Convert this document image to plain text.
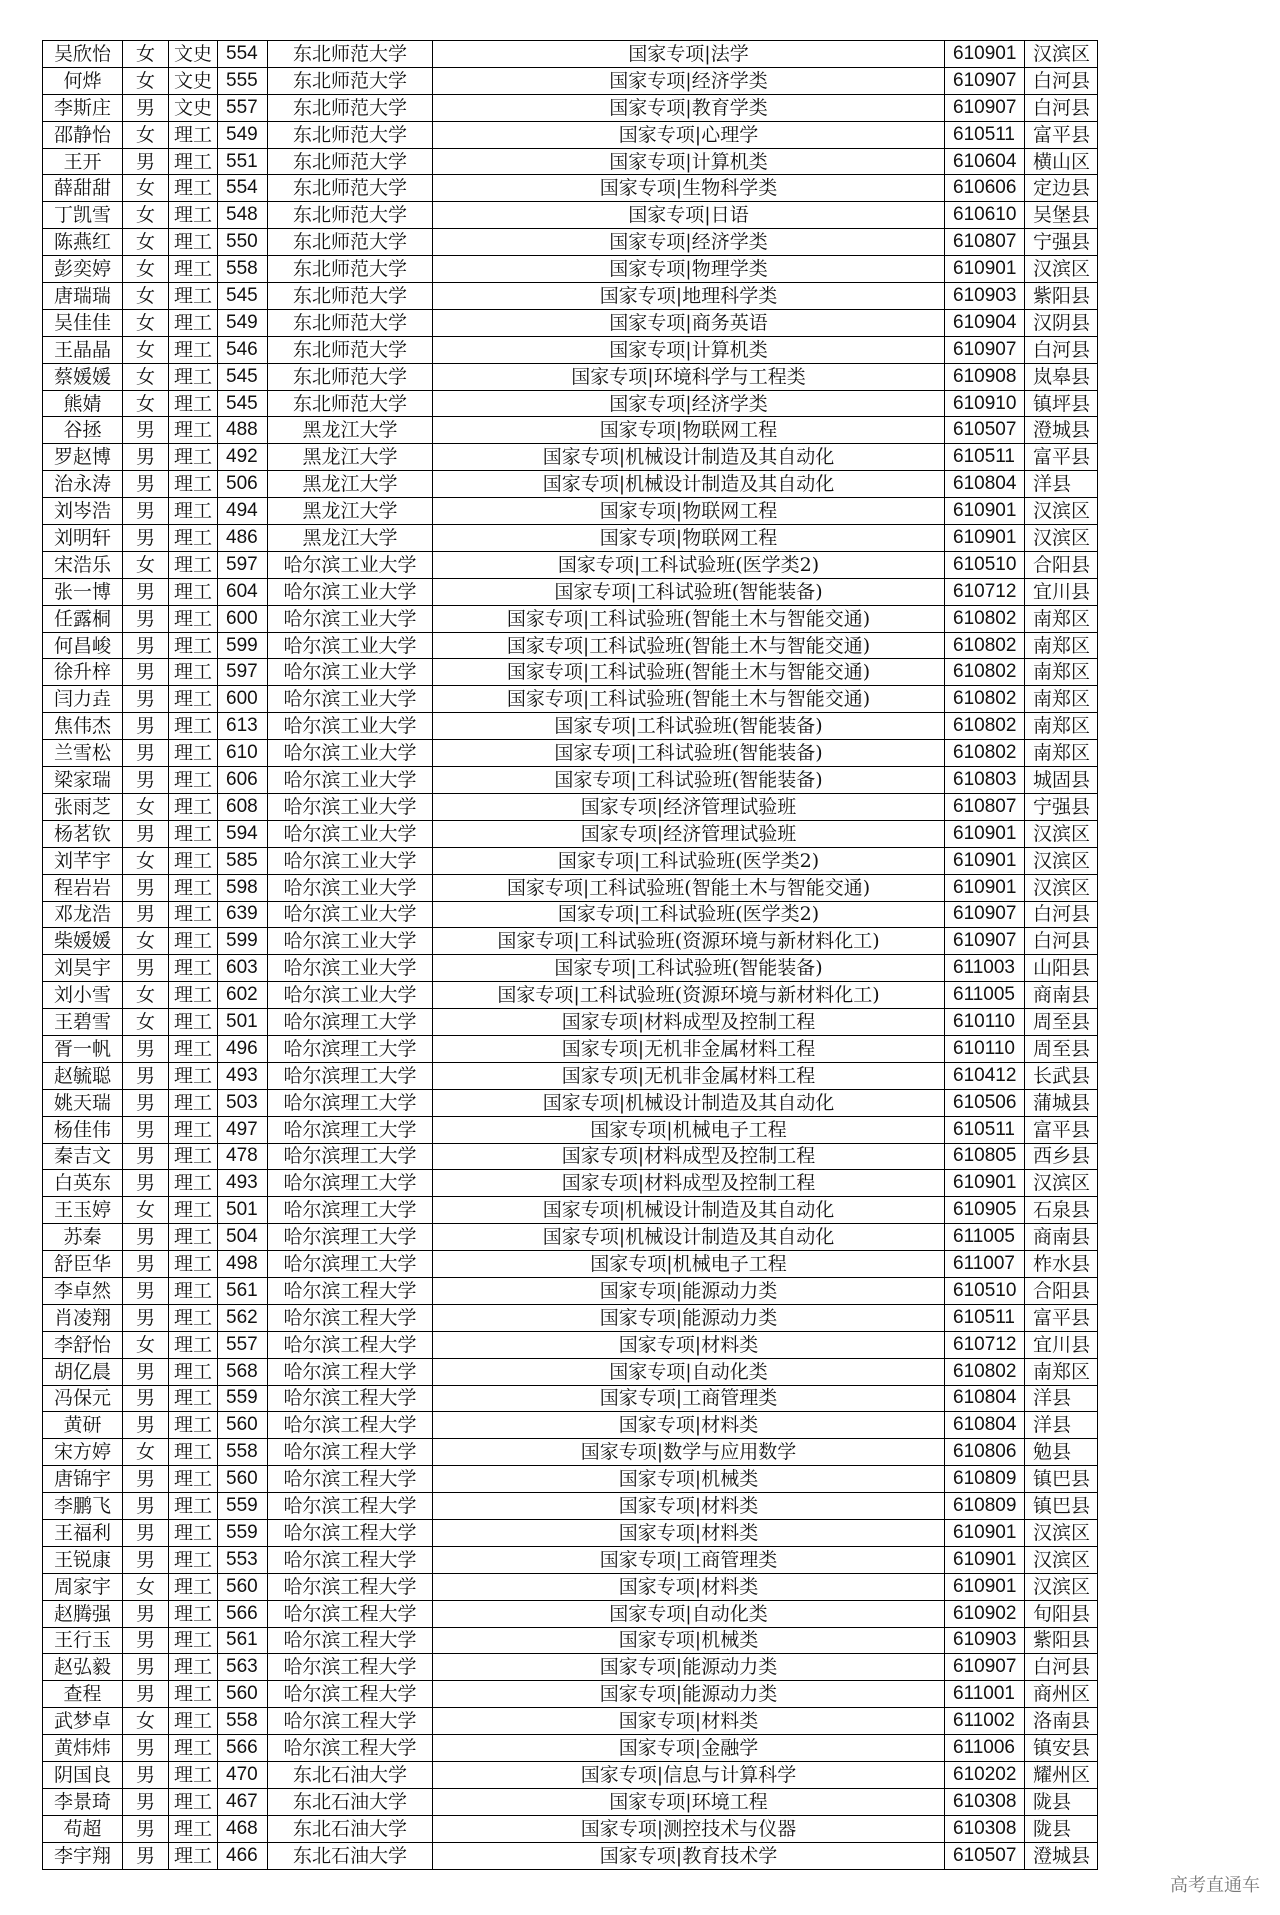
吴欣怡	女	文史	554	东北师范大学	国家专项|法学	610901	汉滨区
何烨	女	文史	555	东北师范大学	国家专项|经济学类	610907	白河县
李斯庄	男	文史	557	东北师范大学	国家专项|教育学类	610907	白河县
邵静怡	女	理工	549	东北师范大学	国家专项|心理学	610511	富平县
王开	男	理工	551	东北师范大学	国家专项|计算机类	610604	横山区
薛甜甜	女	理工	554	东北师范大学	国家专项|生物科学类	610606	定边县
丁凯雪	女	理工	548	东北师范大学	国家专项|日语	610610	吴堡县
陈燕红	女	理工	550	东北师范大学	国家专项|经济学类	610807	宁强县
彭奕婷	女	理工	558	东北师范大学	国家专项|物理学类	610901	汉滨区
唐瑞瑞	女	理工	545	东北师范大学	国家专项|地理科学类	610903	紫阳县
吴佳佳	女	理工	549	东北师范大学	国家专项|商务英语	610904	汉阴县
王晶晶	女	理工	546	东北师范大学	国家专项|计算机类	610907	白河县
蔡媛媛	女	理工	545	东北师范大学	国家专项|环境科学与工程类	610908	岚皋县
熊婧	女	理工	545	东北师范大学	国家专项|经济学类	610910	镇坪县
谷拯	男	理工	488	黑龙江大学	国家专项|物联网工程	610507	澄城县
罗赵博	男	理工	492	黑龙江大学	国家专项|机械设计制造及其自动化	610511	富平县
治永涛	男	理工	506	黑龙江大学	国家专项|机械设计制造及其自动化	610804	洋县
刘岑浩	男	理工	494	黑龙江大学	国家专项|物联网工程	610901	汉滨区
刘明轩	男	理工	486	黑龙江大学	国家专项|物联网工程	610901	汉滨区
宋浩乐	女	理工	597	哈尔滨工业大学	国家专项|工科试验班(医学类2)	610510	合阳县
张一博	男	理工	604	哈尔滨工业大学	国家专项|工科试验班(智能装备)	610712	宜川县
任露桐	男	理工	600	哈尔滨工业大学	国家专项|工科试验班(智能土木与智能交通)	610802	南郑区
何昌峻	男	理工	599	哈尔滨工业大学	国家专项|工科试验班(智能土木与智能交通)	610802	南郑区
徐升梓	男	理工	597	哈尔滨工业大学	国家专项|工科试验班(智能土木与智能交通)	610802	南郑区
闫力垚	男	理工	600	哈尔滨工业大学	国家专项|工科试验班(智能土木与智能交通)	610802	南郑区
焦伟杰	男	理工	613	哈尔滨工业大学	国家专项|工科试验班(智能装备)	610802	南郑区
兰雪松	男	理工	610	哈尔滨工业大学	国家专项|工科试验班(智能装备)	610802	南郑区
梁家瑞	男	理工	606	哈尔滨工业大学	国家专项|工科试验班(智能装备)	610803	城固县
张雨芝	女	理工	608	哈尔滨工业大学	国家专项|经济管理试验班	610807	宁强县
杨茗钦	男	理工	594	哈尔滨工业大学	国家专项|经济管理试验班	610901	汉滨区
刘芊宇	女	理工	585	哈尔滨工业大学	国家专项|工科试验班(医学类2)	610901	汉滨区
程岩岩	男	理工	598	哈尔滨工业大学	国家专项|工科试验班(智能土木与智能交通)	610901	汉滨区
邓龙浩	男	理工	639	哈尔滨工业大学	国家专项|工科试验班(医学类2)	610907	白河县
柴媛媛	女	理工	599	哈尔滨工业大学	国家专项|工科试验班(资源环境与新材料化工)	610907	白河县
刘昊宇	男	理工	603	哈尔滨工业大学	国家专项|工科试验班(智能装备)	611003	山阳县
刘小雪	女	理工	602	哈尔滨工业大学	国家专项|工科试验班(资源环境与新材料化工)	611005	商南县
王碧雪	女	理工	501	哈尔滨理工大学	国家专项|材料成型及控制工程	610110	周至县
胥一帆	男	理工	496	哈尔滨理工大学	国家专项|无机非金属材料工程	610110	周至县
赵毓聪	男	理工	493	哈尔滨理工大学	国家专项|无机非金属材料工程	610412	长武县
姚天瑞	男	理工	503	哈尔滨理工大学	国家专项|机械设计制造及其自动化	610506	蒲城县
杨佳伟	男	理工	497	哈尔滨理工大学	国家专项|机械电子工程	610511	富平县
秦吉文	男	理工	478	哈尔滨理工大学	国家专项|材料成型及控制工程	610805	西乡县
白英东	男	理工	493	哈尔滨理工大学	国家专项|材料成型及控制工程	610901	汉滨区
王玉婷	女	理工	501	哈尔滨理工大学	国家专项|机械设计制造及其自动化	610905	石泉县
苏秦	男	理工	504	哈尔滨理工大学	国家专项|机械设计制造及其自动化	611005	商南县
舒臣华	男	理工	498	哈尔滨理工大学	国家专项|机械电子工程	611007	柞水县
李卓然	男	理工	561	哈尔滨工程大学	国家专项|能源动力类	610510	合阳县
肖凌翔	男	理工	562	哈尔滨工程大学	国家专项|能源动力类	610511	富平县
李舒怡	女	理工	557	哈尔滨工程大学	国家专项|材料类	610712	宜川县
胡亿晨	男	理工	568	哈尔滨工程大学	国家专项|自动化类	610802	南郑区
冯保元	男	理工	559	哈尔滨工程大学	国家专项|工商管理类	610804	洋县
黄研	男	理工	560	哈尔滨工程大学	国家专项|材料类	610804	洋县
宋方婷	女	理工	558	哈尔滨工程大学	国家专项|数学与应用数学	610806	勉县
唐锦宇	男	理工	560	哈尔滨工程大学	国家专项|机械类	610809	镇巴县
李鹏飞	男	理工	559	哈尔滨工程大学	国家专项|材料类	610809	镇巴县
王福利	男	理工	559	哈尔滨工程大学	国家专项|材料类	610901	汉滨区
王锐康	男	理工	553	哈尔滨工程大学	国家专项|工商管理类	610901	汉滨区
周家宇	女	理工	560	哈尔滨工程大学	国家专项|材料类	610901	汉滨区
赵腾强	男	理工	566	哈尔滨工程大学	国家专项|自动化类	610902	旬阳县
王行玉	男	理工	561	哈尔滨工程大学	国家专项|机械类	610903	紫阳县
赵弘毅	男	理工	563	哈尔滨工程大学	国家专项|能源动力类	610907	白河县
查程	男	理工	560	哈尔滨工程大学	国家专项|能源动力类	611001	商州区
武梦卓	女	理工	558	哈尔滨工程大学	国家专项|材料类	611002	洛南县
黄炜炜	男	理工	566	哈尔滨工程大学	国家专项|金融学	611006	镇安县
阴国良	男	理工	470	东北石油大学	国家专项|信息与计算科学	610202	耀州区
李景琦	男	理工	467	东北石油大学	国家专项|环境工程	610308	陇县
苟超	男	理工	468	东北石油大学	国家专项|测控技术与仪器	610308	陇县
李宇翔	男	理工	466	东北石油大学	国家专项|教育技术学	610507	澄城县
高考直通车
